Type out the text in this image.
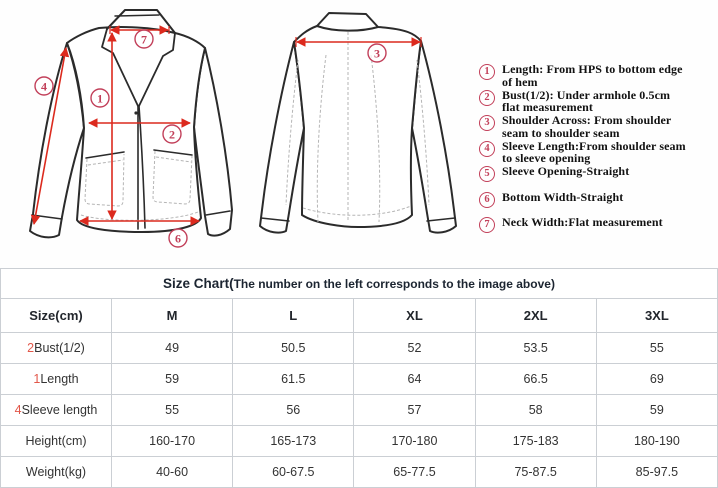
7
1
2
4
6
3
1	Length: From HPS to bottom edge of hem
2	Bust(1/2): Under armhole 0.5cm flat measurement
3	Shoulder Across: From shoulder seam to shoulder seam
4	Sleeve Length:From shoulder seam to sleeve opening
5	Sleeve Opening-Straight
6	Bottom Width-Straight
7	Neck Width:Flat measurement
Size Chart(The number on the left corresponds to the image above)					
Size(cm)	M	L	XL	2XL	3XL
2Bust(1/2)	49	50.5	52	53.5	55
1Length	59	61.5	64	66.5	69
4Sleeve length	55	56	57	58	59
Height(cm)	160-170	165-173	170-180	175-183	180-190
Weight(kg)	40-60	60-67.5	65-77.5	75-87.5	85-97.5
